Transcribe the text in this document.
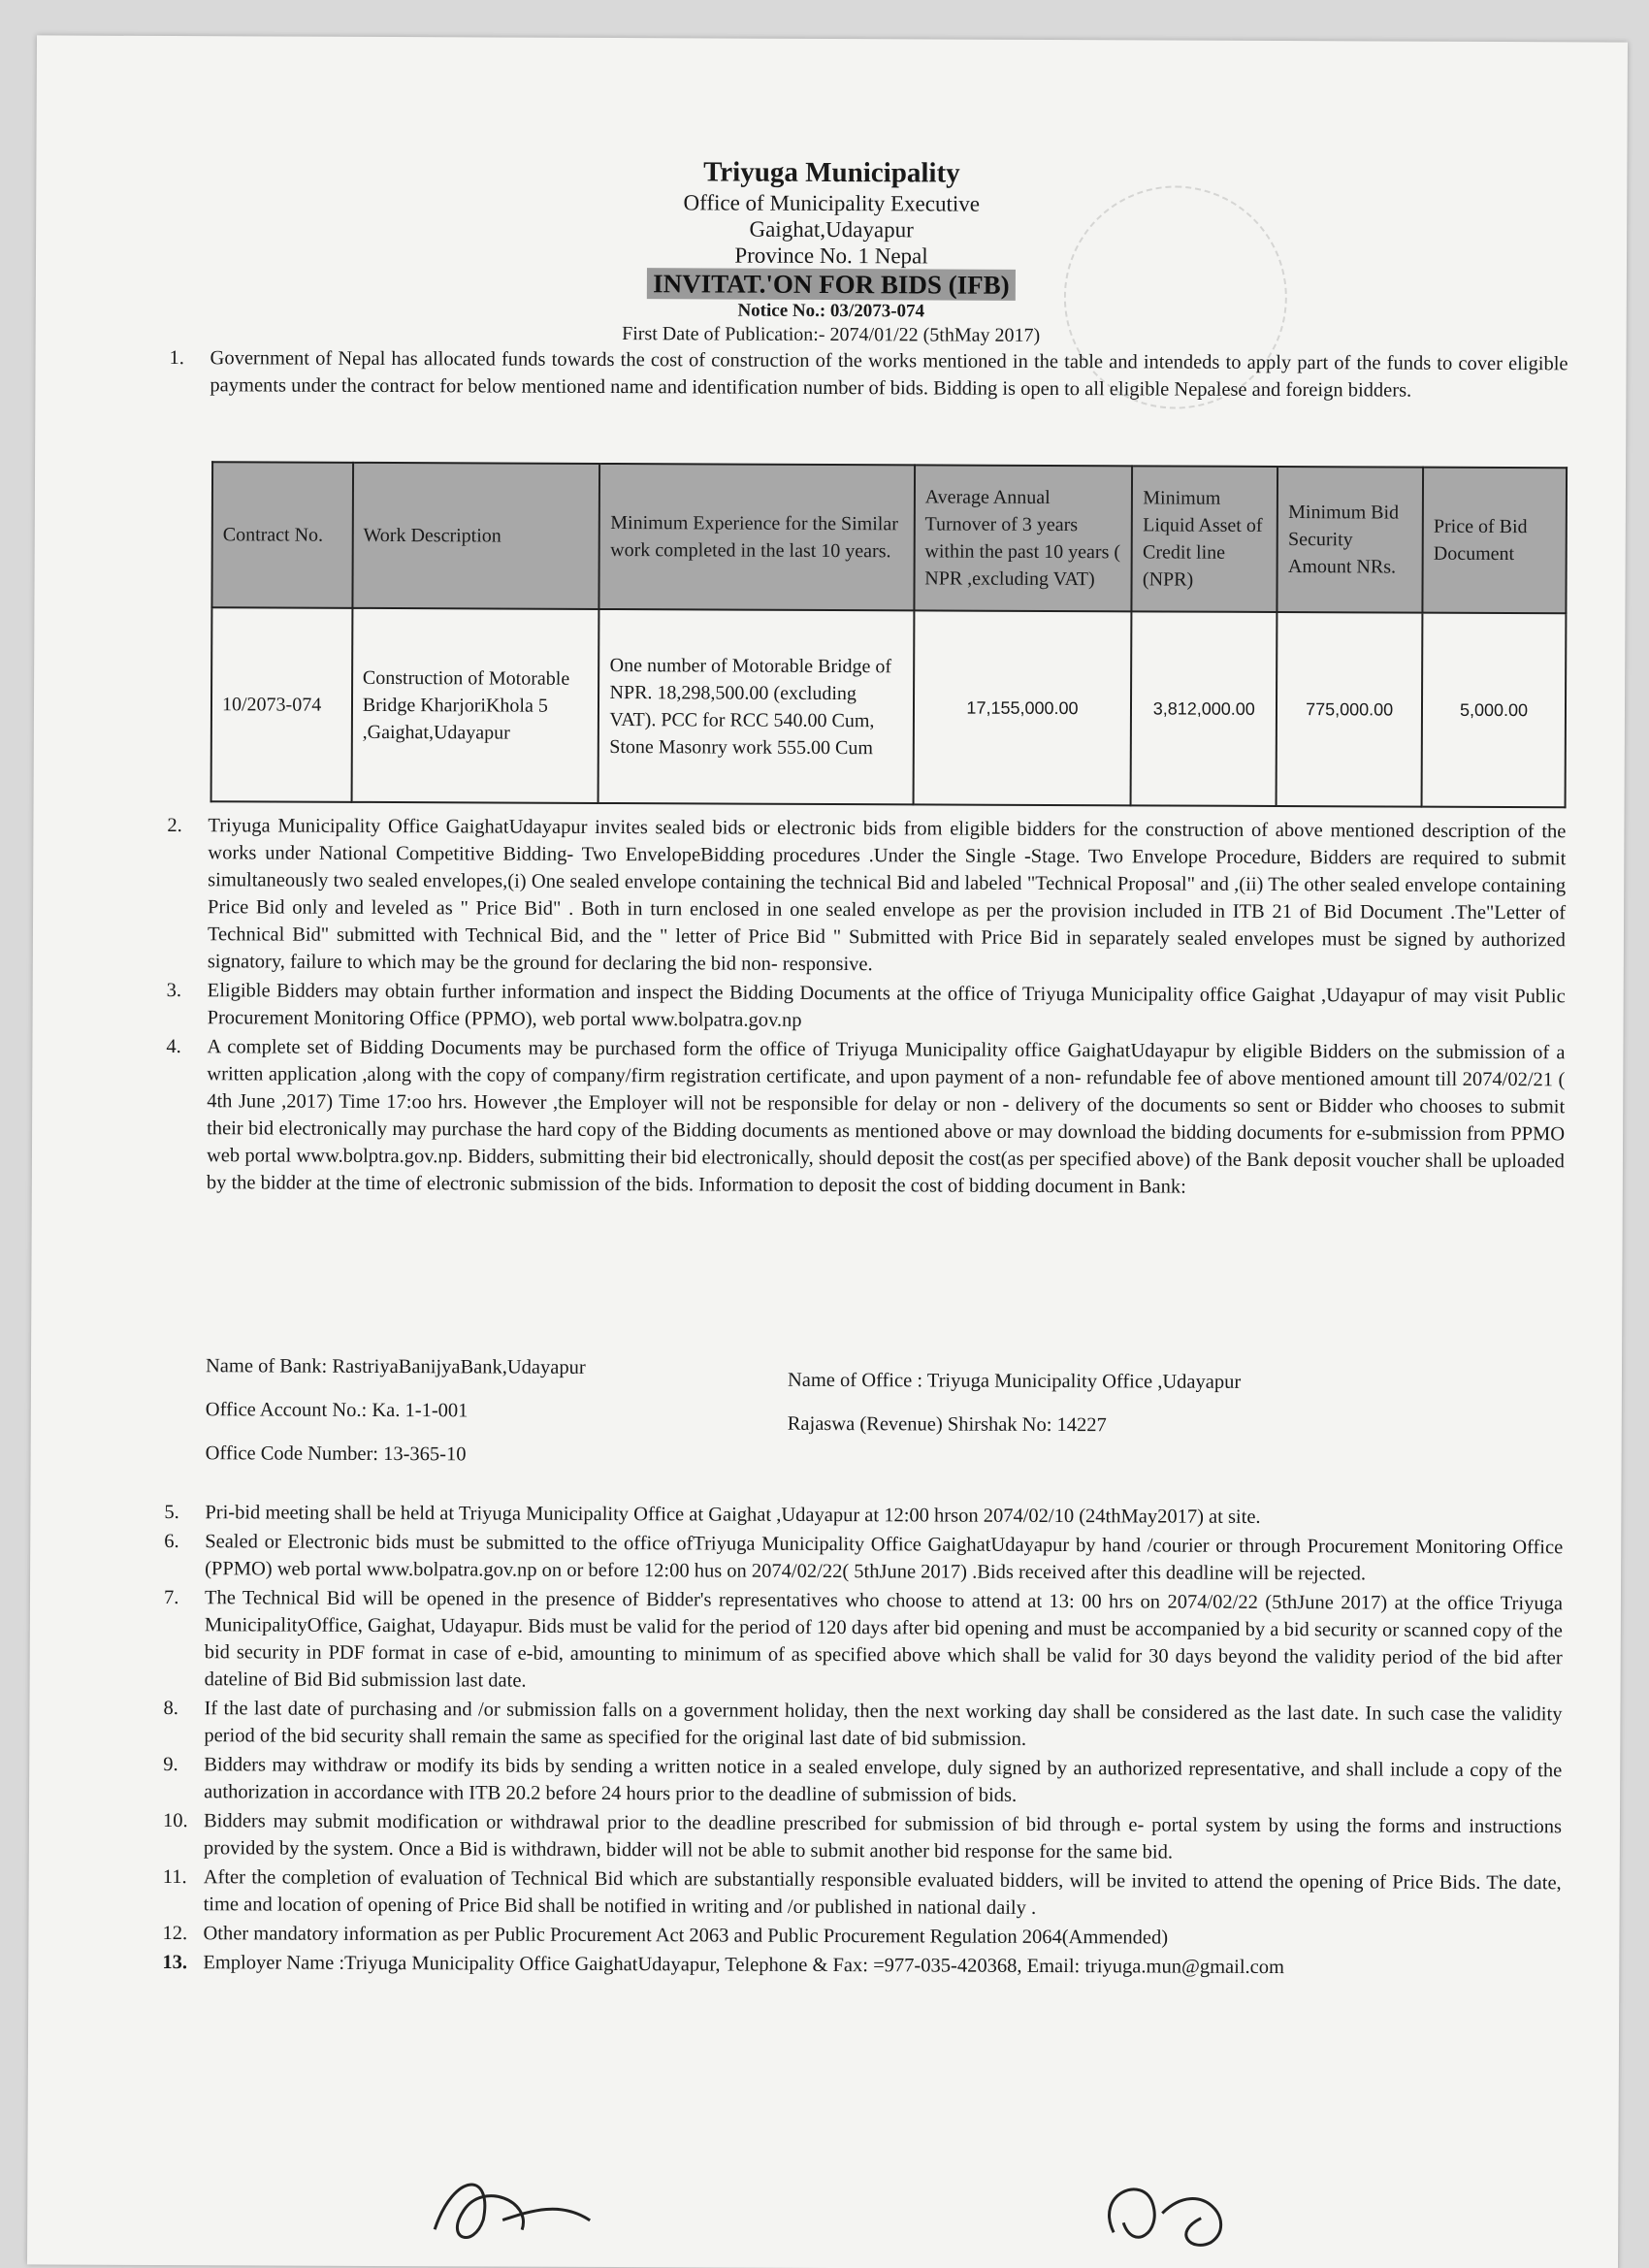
Triyuga Municipality
Office of Municipality Executive
Gaighat,Udayapur
Province No. 1 Nepal
INVITAT.'ON FOR BIDS (IFB)
Notice No.: 03/2073-074
First Date of Publication:- 2074/01/22 (5thMay 2017)
1.	Government of Nepal has allocated funds towards the cost of construction of the works mentioned in the table and intendeds to apply part of the funds to cover eligible payments under the contract for below mentioned name and identification number of bids. Bidding is open to all eligible Nepalese and foreign bidders.
Contract No.	Work Description	Minimum Experience for the Similar work completed in the last 10 years.	Average Annual Turnover of 3 years within the past 10 years ( NPR ,excluding VAT)	Minimum Liquid Asset of Credit line (NPR)	Minimum Bid Security Amount NRs.	Price of Bid Document
10/2073-074	Construction of Motorable Bridge KharjoriKhola 5 ,Gaighat,Udayapur	One number of Motorable Bridge of NPR. 18,298,500.00 (excluding VAT). PCC for RCC 540.00 Cum, Stone Masonry work 555.00 Cum	17,155,000.00	3,812,000.00	775,000.00	5,000.00
2.	Triyuga Municipality Office GaighatUdayapur invites sealed bids or electronic bids from eligible bidders for the construction of above mentioned description of the works under National Competitive Bidding- Two EnvelopeBidding procedures .Under the Single -Stage. Two Envelope Procedure, Bidders are required to submit simultaneously two sealed envelopes,(i) One sealed envelope containing the technical Bid and labeled "Technical Proposal" and ,(ii) The other sealed envelope containing Price Bid only and leveled as " Price Bid" . Both in turn enclosed in one sealed envelope as per the provision included in ITB 21 of Bid Document .The"Letter of Technical Bid" submitted with Technical Bid, and the " letter of Price Bid " Submitted with Price Bid in separately sealed envelopes must be signed by authorized signatory, failure to which may be the ground for declaring the bid non- responsive.
3.	Eligible Bidders may obtain further information and inspect the Bidding Documents at the office of Triyuga Municipality office Gaighat ,Udayapur of may visit Public Procurement Monitoring Office (PPMO), web portal www.bolpatra.gov.np
4.	A complete set of Bidding Documents may be purchased form the office of Triyuga Municipality office GaighatUdayapur by eligible Bidders on the submission of a written application ,along with the copy of company/firm registration certificate, and upon payment of a non- refundable fee of above mentioned amount till 2074/02/21 ( 4th June ,2017) Time 17:oo hrs. However ,the Employer will not be responsible for delay or non - delivery of the documents so sent or Bidder who chooses to submit their bid electronically may purchase the hard copy of the Bidding documents as mentioned above or may download the bidding documents for e-submission from PPMO web portal www.bolptra.gov.np. Bidders, submitting their bid electronically, should deposit the cost(as per specified above) of the Bank deposit voucher shall be uploaded by the bidder at the time of electronic submission of the bids. Information to deposit the cost of bidding document in Bank:
Name of Bank: RastriyaBanijyaBank,Udayapur
Office Account No.: Ka. 1-1-001
Office Code Number: 13-365-10
Name of Office : Triyuga Municipality Office ,Udayapur
Rajaswa (Revenue) Shirshak No: 14227
5.	Pri-bid meeting shall be held at Triyuga Municipality Office at Gaighat ,Udayapur at 12:00 hrson 2074/02/10 (24thMay2017) at site.
6.	Sealed or Electronic bids must be submitted to the office ofTriyuga Municipality Office GaighatUdayapur by hand /courier or through Procurement Monitoring Office (PPMO) web portal www.bolpatra.gov.np on or before 12:00 hus on 2074/02/22( 5thJune 2017) .Bids received after this deadline will be rejected.
7.	The Technical Bid will be opened in the presence of Bidder's representatives who choose to attend at 13: 00 hrs on 2074/02/22 (5thJune 2017) at the office Triyuga MunicipalityOffice, Gaighat, Udayapur. Bids must be valid for the period of 120 days after bid opening and must be accompanied by a bid security or scanned copy of the bid security in PDF format in case of e-bid, amounting to minimum of as specified above which shall be valid for 30 days beyond the validity period of the bid after dateline of Bid Bid submission last date.
8.	If the last date of purchasing and /or submission falls on a government holiday, then the next working day shall be considered as the last date. In such case the validity period of the bid security shall remain the same as specified for the original last date of bid submission.
9.	Bidders may withdraw or modify its bids by sending a written notice in a sealed envelope, duly signed by an authorized representative, and shall include a copy of the authorization in accordance with ITB 20.2 before 24 hours prior to the deadline of submission of bids.
10. Bidders may submit modification or withdrawal prior to the deadline prescribed for submission of bid through e- portal system by using the forms and instructions provided by the system. Once a Bid is withdrawn, bidder will not be able to submit another bid response for the same bid.
11. After the completion of evaluation of Technical Bid which are substantially responsible evaluated bidders, will be invited to attend the opening of Price Bids. The date, time and location of opening of Price Bid shall be notified in writing and /or published in national daily .
12. Other mandatory information as per Public Procurement Act 2063 and Public Procurement Regulation 2064(Ammended)
13. Employer Name :Triyuga Municipality Office GaighatUdayapur, Telephone & Fax: =977-035-420368, Email: triyuga.mun@gmail.com
